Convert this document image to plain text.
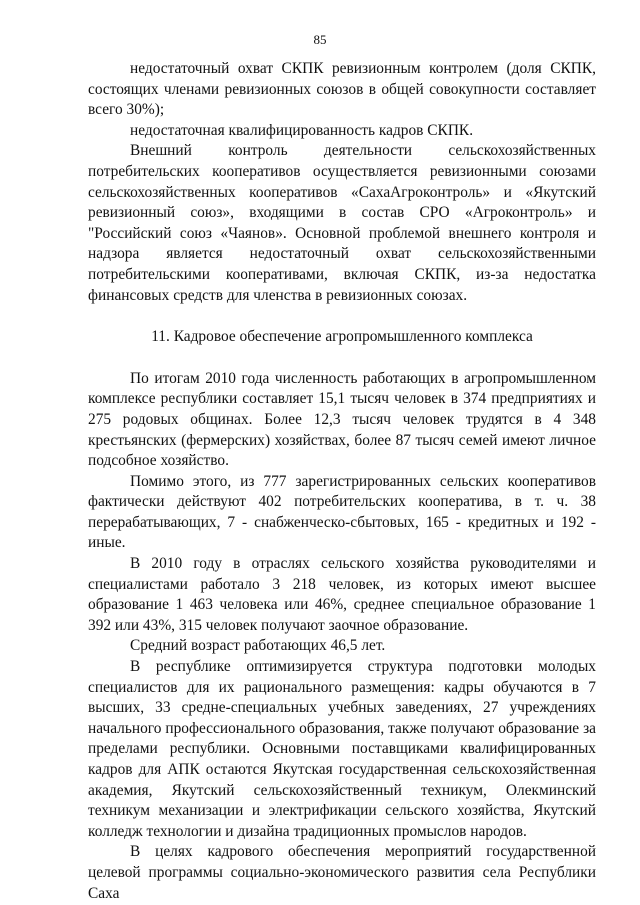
85

недостаточный охват СКПК ревизионным контролем (доля СКПК, состоящих членами ревизионных союзов в общей совокупности составляет всего 30%);

недостаточная квалифицированность кадров СКПК.

Внешний контроль деятельности сельскохозяйственных потребительских кооперативов осуществляется ревизионными союзами сельскохозяйственных кооперативов «СахаАгроконтроль» и «Якутский ревизионный союз», входящими в состав СРО «Агроконтроль» и "Российский союз «Чаянов». Основной проблемой внешнего контроля и надзора является недостаточный охват сельскохозяйственными потребительскими кооперативами, включая СКПК, из-за недостатка финансовых средств для членства в ревизионных союзах.

11. Кадровое обеспечение агропромышленного комплекса

По итогам 2010 года численность работающих в агропромышленном комплексе республики составляет 15,1 тысяч человек в 374 предприятиях и 275 родовых общинах. Более 12,3 тысяч человек трудятся в 4 348 крестьянских (фермерских) хозяйствах, более 87 тысяч семей имеют личное подсобное хозяйство.

Помимо этого, из 777 зарегистрированных сельских кооперативов фактически действуют 402 потребительских кооператива, в т. ч. 38 перерабатывающих, 7 - снабженческо-сбытовых, 165 - кредитных и 192 - иные.

В 2010 году в отраслях сельского хозяйства руководителями и специалистами работало 3 218 человек, из которых имеют высшее образование 1 463 человека или 46%, среднее специальное образование 1 392 или 43%, 315 человек получают заочное образование.

Средний возраст работающих 46,5 лет.

В республике оптимизируется структура подготовки молодых специалистов для их рационального размещения: кадры обучаются в 7 высших, 33 средне-специальных учебных заведениях, 27 учреждениях начального профессионального образования, также получают образование за пределами республики. Основными поставщиками квалифицированных кадров для АПК остаются Якутская государственная сельскохозяйственная академия, Якутский сельскохозяйственный техникум, Олекминский техникум механизации и электрификации сельского хозяйства, Якутский колледж технологии и дизайна традиционных промыслов народов.

В целях кадрового обеспечения мероприятий государственной целевой программы социально-экономического развития села Республики Саха
